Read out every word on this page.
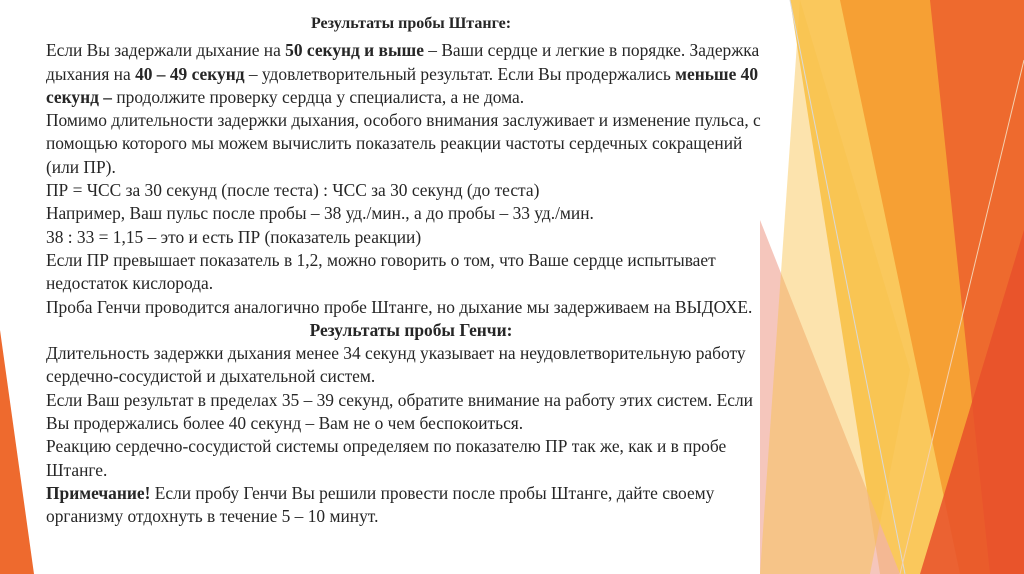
Результаты пробы Штанге:

Если Вы задержали дыхание на 50 секунд и выше – Ваши сердце и легкие в порядке. Задержка дыхания на 40 – 49 секунд – удовлетворительный результат. Если Вы продержались меньше 40 секунд – продолжите проверку сердца у специалиста, а не дома.

Помимо длительности задержки дыхания, особого внимания заслуживает и изменение пульса, с помощью которого мы можем вычислить показатель реакции частоты сердечных сокращений (или ПР).

ПР = ЧСС за 30 секунд (после теста) : ЧСС за 30 секунд (до теста)

Например, Ваш пульс после пробы – 38 уд./мин., а до пробы – 33 уд./мин.

38 : 33 = 1,15 – это и есть ПР (показатель реакции)

Если ПР превышает показатель в 1,2, можно говорить о том, что Ваше сердце испытывает недостаток кислорода.

Проба Генчи проводится аналогично пробе Штанге, но дыхание мы задерживаем на ВЫДОХЕ.

Результаты пробы Генчи:

Длительность задержки дыхания менее 34 секунд указывает на неудовлетворительную работу сердечно-сосудистой и дыхательной систем.

Если Ваш результат в пределах 35 – 39 секунд, обратите внимание на работу этих систем. Если Вы продержались более 40 секунд – Вам не о чем беспокоиться.

Реакцию сердечно-сосудистой системы определяем по показателю ПР так же, как и в пробе Штанге.

Примечание! Если пробу Генчи Вы решили провести после пробы Штанге, дайте своему организму отдохнуть в течение 5 – 10 минут.
